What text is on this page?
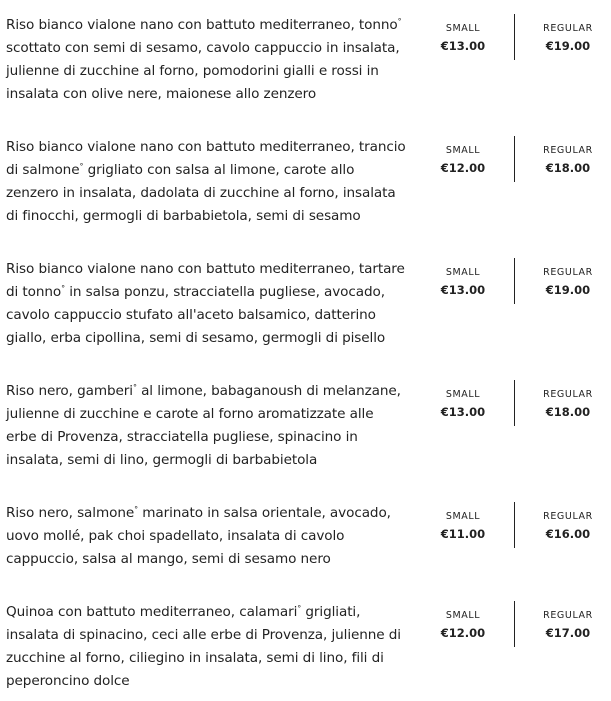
Riso bianco vialone nano con battuto mediterraneo, tonno° scottato con semi di sesamo, cavolo cappuccio in insalata, julienne di zucchine al forno, pomodorini gialli e rossi in insalata con olive nere, maionese allo zenzero
SMALL
€13.00
REGULAR
€19.00
Riso bianco vialone nano con battuto mediterraneo, trancio di salmone° grigliato con salsa al limone, carote allo zenzero in insalata, dadolata di zucchine al forno, insalata di finocchi, germogli di barbabietola, semi di sesamo
SMALL
€12.00
REGULAR
€18.00
Riso bianco vialone nano con battuto mediterraneo, tartare di tonno° in salsa ponzu, stracciatella pugliese, avocado, cavolo cappuccio stufato all'aceto balsamico, datterino giallo, erba cipollina, semi di sesamo, germogli di pisello
SMALL
€13.00
REGULAR
€19.00
Riso nero, gamberi° al limone, babaganoush di melanzane, julienne di zucchine e carote al forno aromatizzate alle erbe di Provenza, stracciatella pugliese, spinacino in insalata, semi di lino, germogli di barbabietola
SMALL
€13.00
REGULAR
€18.00
Riso nero, salmone° marinato in salsa orientale, avocado, uovo mollé, pak choi spadellato, insalata di cavolo cappuccio, salsa al mango, semi di sesamo nero
SMALL
€11.00
REGULAR
€16.00
Quinoa con battuto mediterraneo, calamari° grigliati, insalata di spinacino, ceci alle erbe di Provenza, julienne di zucchine al forno, ciliegino in insalata, semi di lino, fili di peperoncino dolce
SMALL
€12.00
REGULAR
€17.00
